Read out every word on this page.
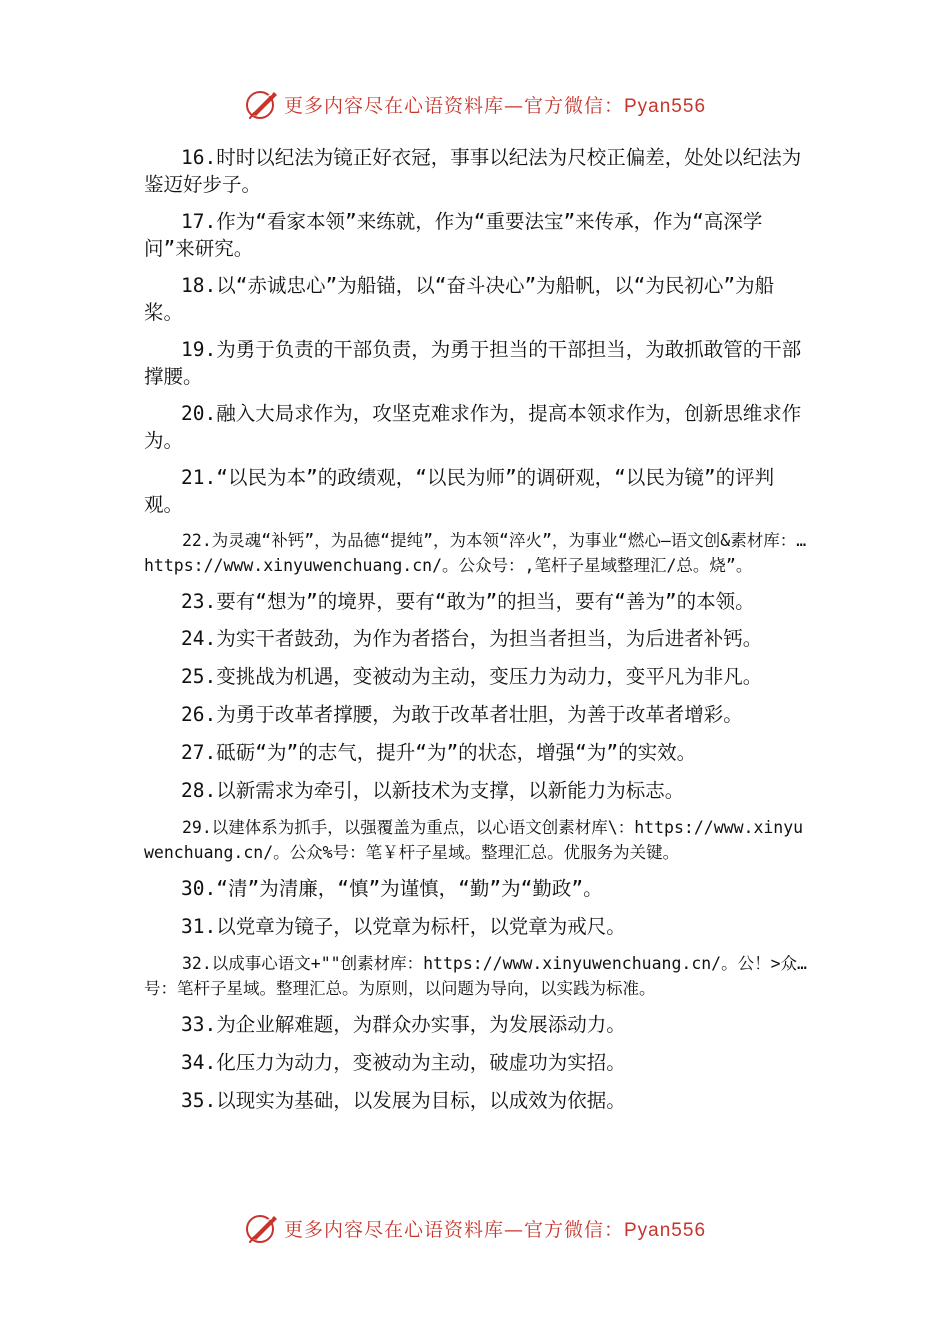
更多内容尽在心语资料库—官方微信：Pyan556

16.时时以纪法为镜正好衣冠，事事以纪法为尺校正偏差，处处以纪法为鉴迈好步子。

17.作为“看家本领”来练就，作为“重要法宝”来传承，作为“高深学问”来研究。

18.以“赤诚忠心”为船锚，以“奋斗决心”为船帆，以“为民初心”为船桨。

19.为勇于负责的干部负责，为勇于担当的干部担当，为敢抓敢管的干部撑腰。

20.融入大局求作为，攻坚克难求作为，提高本领求作为，创新思维求作为。

21.“以民为本”的政绩观，“以民为师”的调研观，“以民为镜”的评判观。

22.为灵魂“补钙”，为品德“提纯”，为本领“淬火”，为事业“燃心—语文创&素材库：…https://www.xinyuwenchuang.cn/。公众号：,笔杆子星域整理汇/总。烧”。

23.要有“想为”的境界，要有“敢为”的担当，要有“善为”的本领。

24.为实干者鼓劲，为作为者搭台，为担当者担当，为后进者补钙。

25.变挑战为机遇，变被动为主动，变压力为动力，变平凡为非凡。

26.为勇于改革者撑腰，为敢于改革者壮胆，为善于改革者增彩。

27.砥砺“为”的志气，提升“为”的状态，增强“为”的实效。

28.以新需求为牵引，以新技术为支撑，以新能力为标志。

29.以建体系为抓手，以强覆盖为重点，以心语文创素材库\：https://www.xinyuwenchuang.cn/。公众%号：笔￥杆子星域。整理汇总。优服务为关键。

30.“清”为清廉，“慎”为谨慎，“勤”为“勤政”。

31.以党章为镜子，以党章为标杆，以党章为戒尺。

32.以成事心语文+""创素材库：https://www.xinyuwenchuang.cn/。公！>众…号：笔杆子星域。整理汇总。为原则，以问题为导向，以实践为标准。

33.为企业解难题，为群众办实事，为发展添动力。

34.化压力为动力，变被动为主动，破虚功为实招。

35.以现实为基础，以发展为目标，以成效为依据。

更多内容尽在心语资料库—官方微信：Pyan556
